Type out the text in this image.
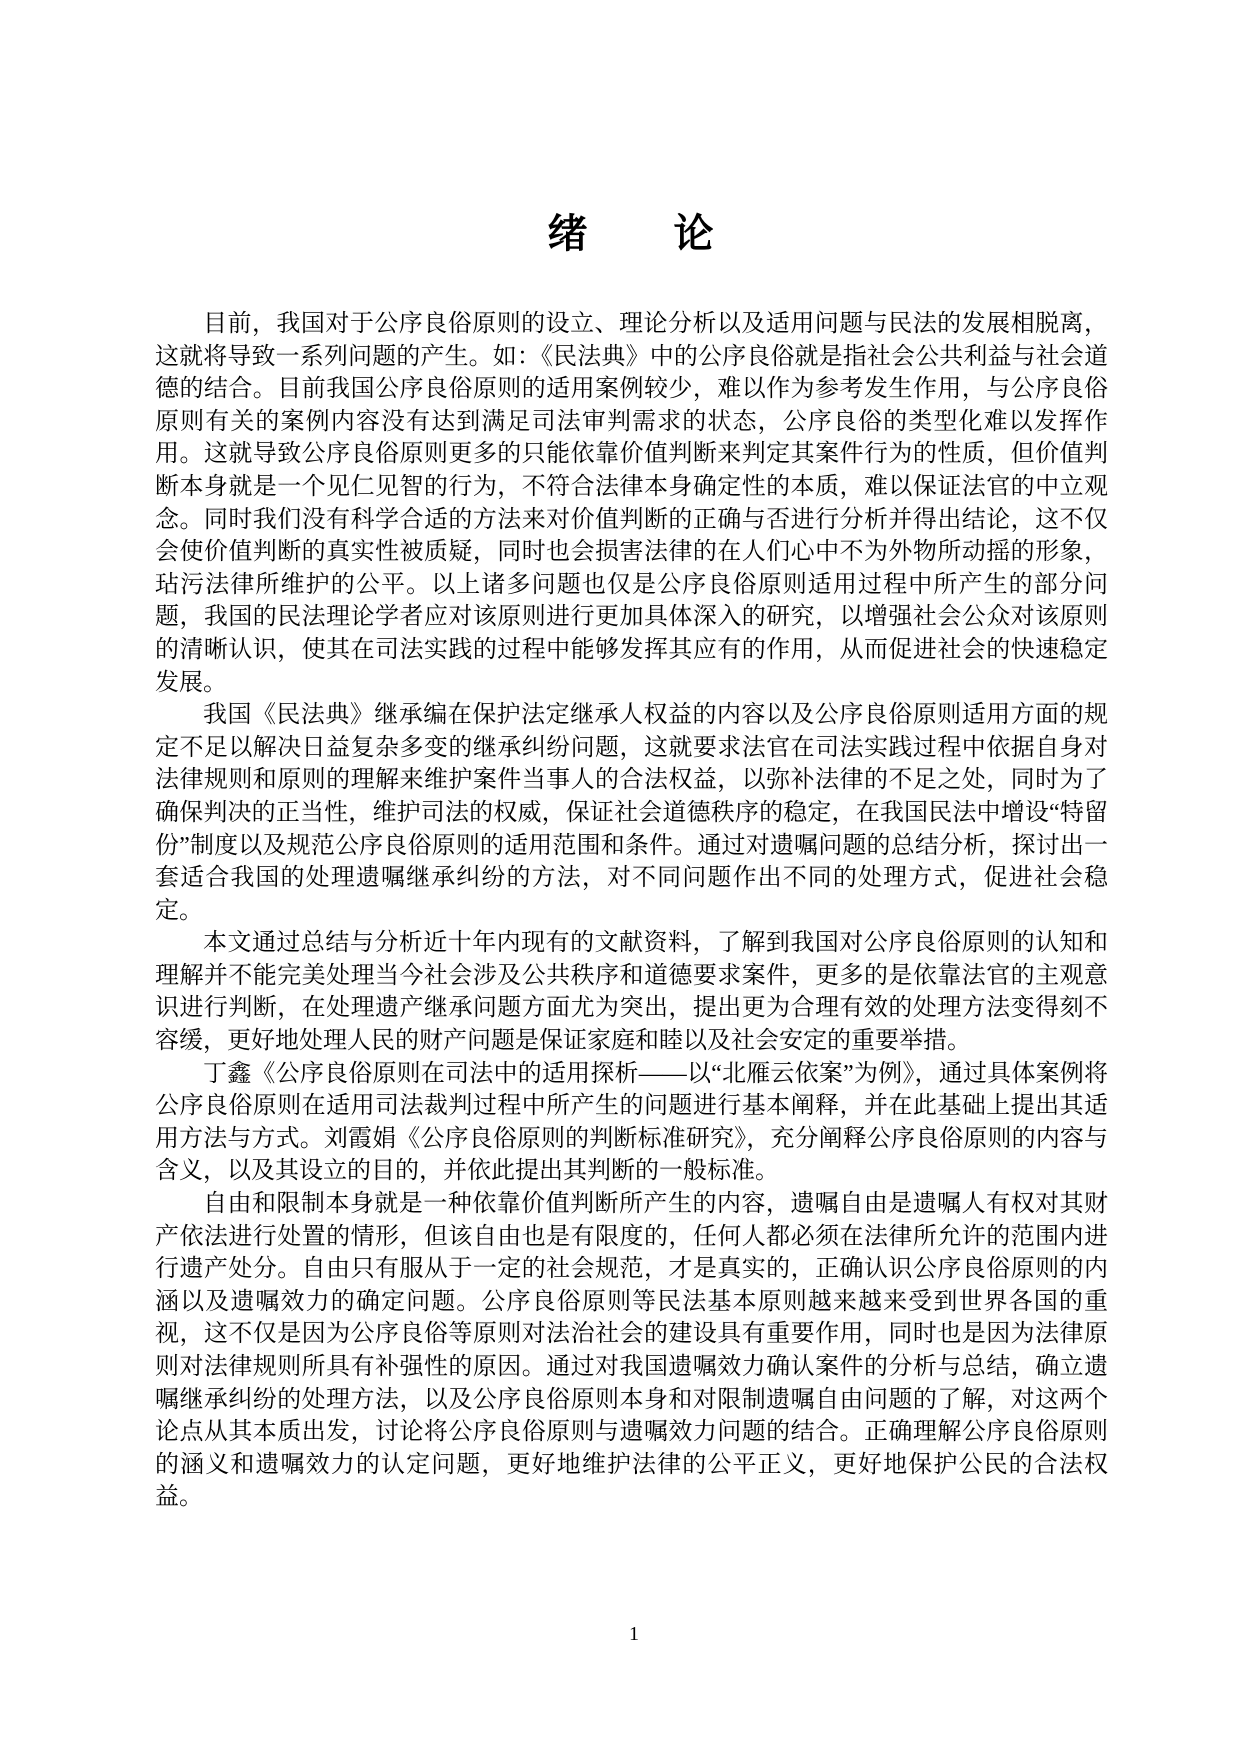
绪　　论

目前，我国对于公序良俗原则的设立、理论分析以及适用问题与民法的发展相脱离，这就将导致一系列问题的产生。如：《民法典》中的公序良俗就是指社会公共利益与社会道德的结合。目前我国公序良俗原则的适用案例较少，难以作为参考发生作用，与公序良俗原则有关的案例内容没有达到满足司法审判需求的状态，公序良俗的类型化难以发挥作用。这就导致公序良俗原则更多的只能依靠价值判断来判定其案件行为的性质，但价值判断本身就是一个见仁见智的行为，不符合法律本身确定性的本质，难以保证法官的中立观念。同时我们没有科学合适的方法来对价值判断的正确与否进行分析并得出结论，这不仅会使价值判断的真实性被质疑，同时也会损害法律的在人们心中不为外物所动摇的形象，玷污法律所维护的公平。以上诸多问题也仅是公序良俗原则适用过程中所产生的部分问题，我国的民法理论学者应对该原则进行更加具体深入的研究，以增强社会公众对该原则的清晰认识，使其在司法实践的过程中能够发挥其应有的作用，从而促进社会的快速稳定发展。

我国《民法典》继承编在保护法定继承人权益的内容以及公序良俗原则适用方面的规定不足以解决日益复杂多变的继承纠纷问题，这就要求法官在司法实践过程中依据自身对法律规则和原则的理解来维护案件当事人的合法权益，以弥补法律的不足之处，同时为了确保判决的正当性，维护司法的权威，保证社会道德秩序的稳定，在我国民法中增设“特留份”制度以及规范公序良俗原则的适用范围和条件。通过对遗嘱问题的总结分析，探讨出一套适合我国的处理遗嘱继承纠纷的方法，对不同问题作出不同的处理方式，促进社会稳定。

本文通过总结与分析近十年内现有的文献资料，了解到我国对公序良俗原则的认知和理解并不能完美处理当今社会涉及公共秩序和道德要求案件，更多的是依靠法官的主观意识进行判断，在处理遗产继承问题方面尤为突出，提出更为合理有效的处理方法变得刻不容缓，更好地处理人民的财产问题是保证家庭和睦以及社会安定的重要举措。

丁鑫《公序良俗原则在司法中的适用探析——以“北雁云依案”为例》，通过具体案例将公序良俗原则在适用司法裁判过程中所产生的问题进行基本阐释，并在此基础上提出其适用方法与方式。刘霞娟《公序良俗原则的判断标准研究》，充分阐释公序良俗原则的内容与含义，以及其设立的目的，并依此提出其判断的一般标准。

自由和限制本身就是一种依靠价值判断所产生的内容，遗嘱自由是遗嘱人有权对其财产依法进行处置的情形，但该自由也是有限度的，任何人都必须在法律所允许的范围内进行遗产处分。自由只有服从于一定的社会规范，才是真实的，正确认识公序良俗原则的内涵以及遗嘱效力的确定问题。公序良俗原则等民法基本原则越来越来受到世界各国的重视，这不仅是因为公序良俗等原则对法治社会的建设具有重要作用，同时也是因为法律原则对法律规则所具有补强性的原因。通过对我国遗嘱效力确认案件的分析与总结，确立遗嘱继承纠纷的处理方法，以及公序良俗原则本身和对限制遗嘱自由问题的了解，对这两个论点从其本质出发，讨论将公序良俗原则与遗嘱效力问题的结合。正确理解公序良俗原则的涵义和遗嘱效力的认定问题，更好地维护法律的公平正义，更好地保护公民的合法权益。

1
